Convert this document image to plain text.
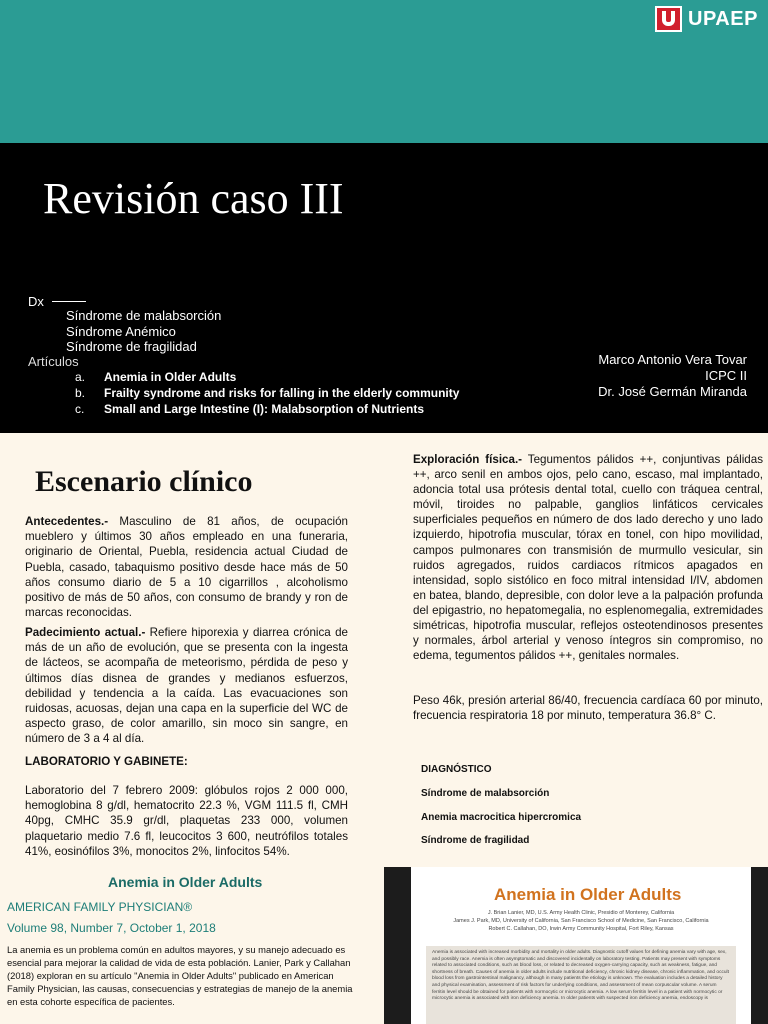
UPAEP
Revisión caso III
Dx
Síndrome de malabsorción
Síndrome Anémico
Síndrome de fragilidad
Artículos
a.	Anemia in Older Adults
b.	Frailty syndrome and risks for falling in the elderly community
c.	Small and Large Intestine (I): Malabsorption of Nutrients
Marco Antonio Vera Tovar
ICPC II
Dr. José Germán Miranda
Escenario clínico

Antecedentes.- Masculino de 81 años, de ocupación mueblero y últimos 30 años empleado en una funeraria, originario de Oriental, Puebla, residencia actual Ciudad de Puebla, casado, tabaquismo positivo desde hace más de 50 años consumo diario de 5 a 10 cigarrillos , alcoholismo positivo de más de 50 años, con consumo de brandy y ron de marcas reconocidas.

Padecimiento actual.- Refiere hiporexia y diarrea crónica de más de un año de evolución, que se presenta con la ingesta de lácteos, se acompaña de meteorismo, pérdida de peso y últimos días disnea de grandes y medianos esfuerzos, debilidad y tendencia a la caída. Las evacuaciones son ruidosas, acuosas, dejan una capa en la superficie del WC de aspecto graso, de color amarillo, sin moco sin sangre, en número de 3 a 4 al día.

LABORATORIO Y GABINETE:

Laboratorio del 7 febrero 2009: glóbulos rojos 2 000 000, hemoglobina 8 g/dl, hematocrito 22.3 %, VGM 111.5 fl, CMH 40pg, CMHC 35.9 gr/dl, plaquetas 233 000, volumen plaquetario medio 7.6 fl, leucocitos 3 600, neutrófilos totales 41%, eosinófilos 3%, monocitos 2%, linfocitos 54%.

Anemia in Older Adults
AMERICAN FAMILY PHYSICIAN®
Volume 98, Number 7, October 1, 2018

La anemia es un problema común en adultos mayores, y su manejo adecuado es esencial para mejorar la calidad de vida de esta población. Lanier, Park y Callahan (2018) exploran en su artículo "Anemia in Older Adults" publicado en American Family Physician, las causas, consecuencias y estrategias de manejo de la anemia en esta cohorte específica de pacientes.

Exploración física.- Tegumentos pálidos ++, conjuntivas pálidas ++, arco senil en ambos ojos, pelo cano, escaso, mal implantado, adoncia total usa prótesis dental total, cuello con tráquea central, móvil, tiroides no palpable, ganglios linfáticos cervicales superficiales pequeños en número de dos lado derecho y uno lado izquierdo, hipotrofia muscular, tórax en tonel, con hipo movilidad, campos pulmonares con transmisión de murmullo vesicular, sin ruidos agregados, ruidos cardiacos rítmicos apagados en intensidad, soplo sistólico en foco mitral intensidad I/IV, abdomen en batea, blando, depresible, con dolor leve a la palpación profunda del epigastrio, no hepatomegalia, no esplenomegalia, extremidades simétricas, hipotrofia muscular, reflejos osteotendinosos presentes y normales, árbol arterial y venoso íntegros sin compromiso, no edema, tegumentos pálidos ++, genitales normales.

Peso 46k, presión arterial 86/40, frecuencia cardíaca 60 por minuto, frecuencia respiratoria 18 por minuto, temperatura 36.8° C.

DIAGNÓSTICO
Síndrome de malabsorción
Anemia macrocitica hipercromica
Síndrome de fragilidad
Anemia in Older Adults
J. Brian Lanier, MD, U.S. Army Health Clinic, Presidio of Monterey, California
James J. Park, MD, University of California, San Francisco School of Medicine, San Francisco, California
Robert C. Callahan, DO, Irwin Army Community Hospital, Fort Riley, Kansas
Anemia is associated with increased morbidity and mortality in older adults. Diagnostic cutoff values for defining anemia vary with age, sex, and possibly race. Anemia is often asymptomatic and discovered incidentally on laboratory testing. Patients may present with symptoms related to associated conditions, such as blood loss, or related to decreased oxygen-carrying capacity, such as weakness, fatigue, and shortness of breath. Causes of anemia in older adults include nutritional deficiency, chronic kidney disease, chronic inflammation, and occult blood loss from gastrointestinal malignancy, although in many patients the etiology is unknown. The evaluation includes a detailed history and physical examination, assessment of risk factors for underlying conditions, and assessment of mean corpuscular volume. A serum ferritin level should be obtained for patients with normocytic or microcytic anemia. A low serum ferritin level in a patient with normocytic or microcytic anemia is associated with iron deficiency anemia. In older patients with suspected iron deficiency anemia, endoscopy is
